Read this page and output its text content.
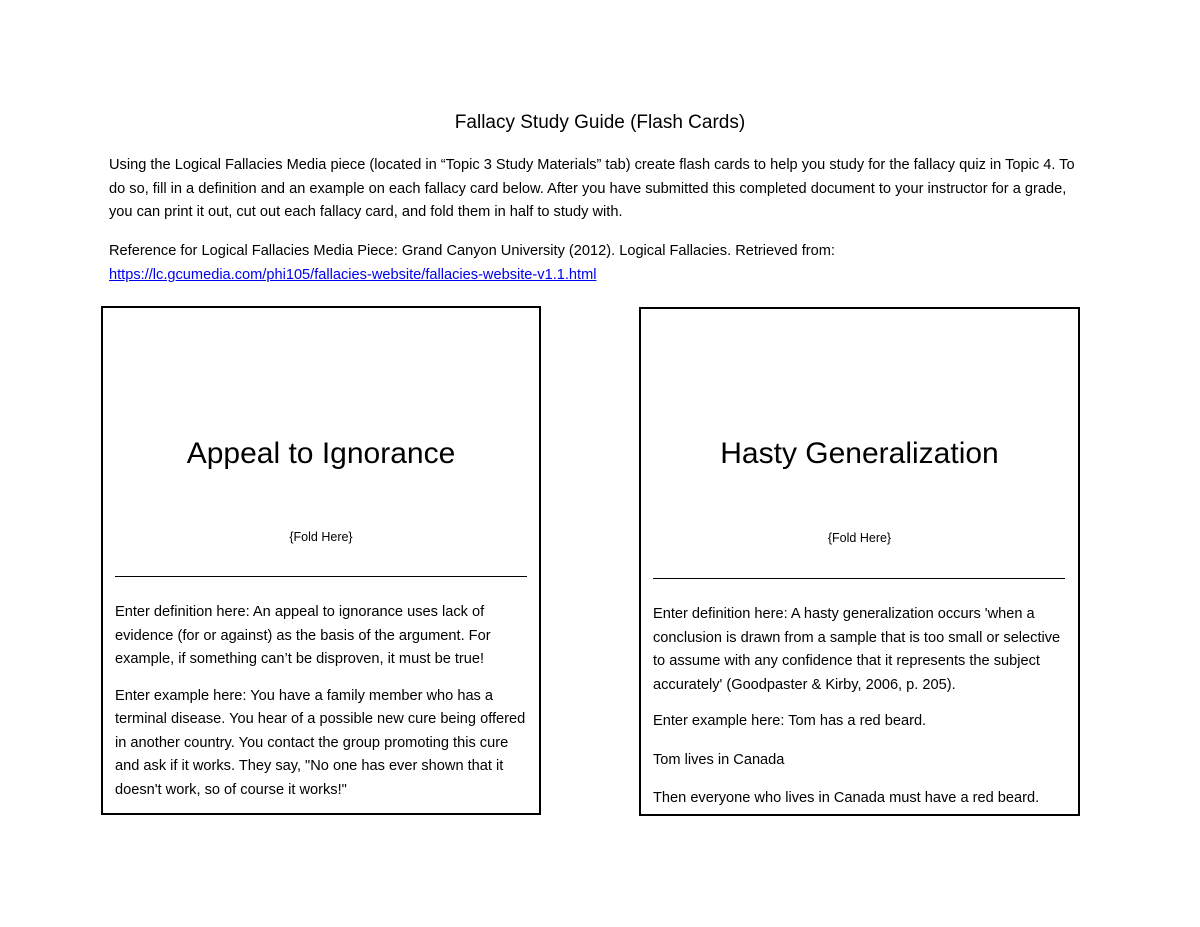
Fallacy Study Guide (Flash Cards)
Using the Logical Fallacies Media piece (located in “Topic 3 Study Materials” tab) create flash cards to help you study for the fallacy quiz in Topic 4. To do so, fill in a definition and an example on each fallacy card below. After you have submitted this completed document to your instructor for a grade, you can print it out, cut out each fallacy card, and fold them in half to study with.
Reference for Logical Fallacies Media Piece: Grand Canyon University (2012). Logical Fallacies. Retrieved from:
https://lc.gcumedia.com/phi105/fallacies-website/fallacies-website-v1.1.html
Appeal to Ignorance
{Fold Here}

Enter definition here: An appeal to ignorance uses lack of evidence (for or against) as the basis of the argument. For example, if something can’t be disproven, it must be true!

Enter example here: You have a family member who has a terminal disease. You hear of a possible new cure being offered in another country. You contact the group promoting this cure and ask if it works. They say, "No one has ever shown that it doesn't work, so of course it works!"

Hasty Generalization
{Fold Here}

Enter definition here: A hasty generalization occurs 'when a conclusion is drawn from a sample that is too small or selective to assume with any confidence that it represents the subject accurately' (Goodpaster & Kirby, 2006, p. 205).

Enter example here: Tom has a red beard.

Tom lives in Canada

Then everyone who lives in Canada must have a red beard.
